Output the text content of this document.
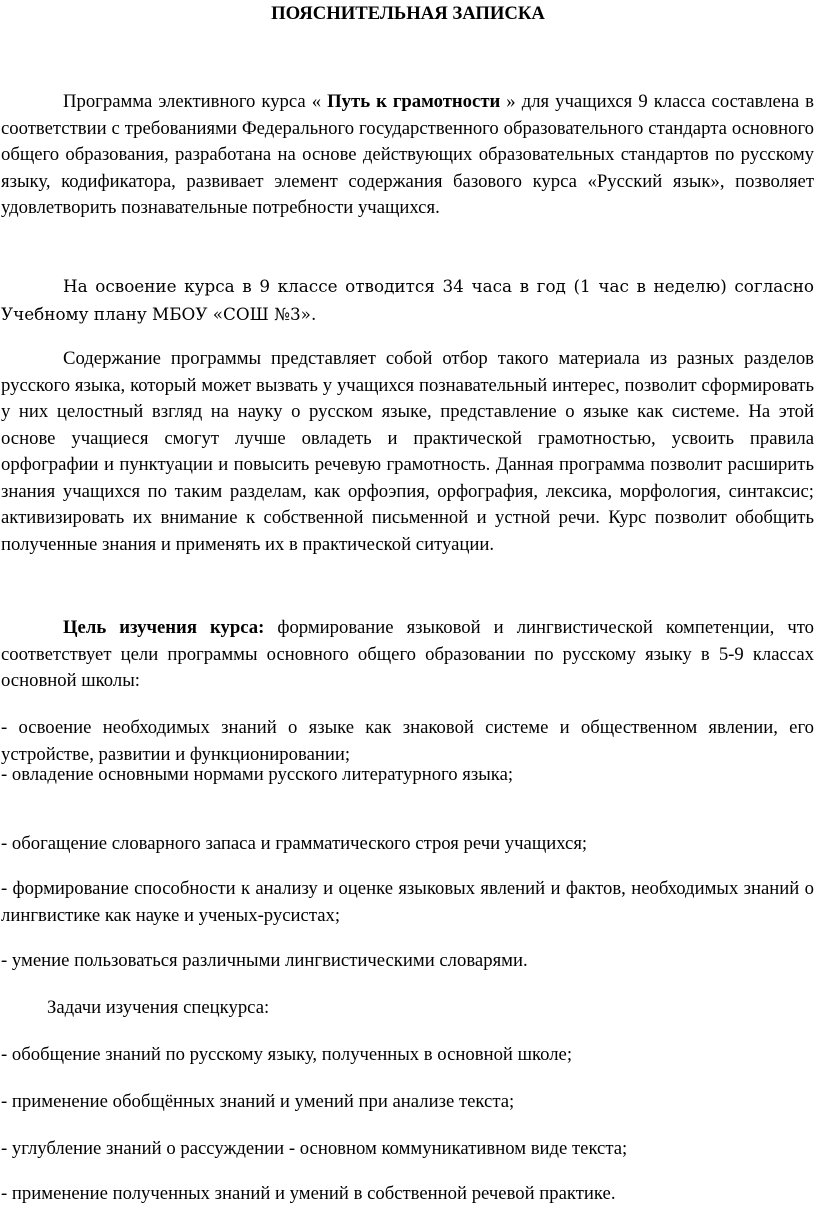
ПОЯСНИТЕЛЬНАЯ ЗАПИСКА

Программа элективного курса « Путь к грамотности » для учащихся 9 класса составлена в соответствии с требованиями Федерального государственного образовательного стандарта основного общего образования, разработана на основе действующих образовательных стандартов по русскому языку, кодификатора, развивает элемент содержания базового курса «Русский язык», позволяет удовлетворить познавательные потребности учащихся.

На освоение курса в 9 классе отводится 34 часа в год (1 час в неделю) согласно Учебному плану МБОУ «СОШ №3».

Содержание программы представляет собой отбор такого материала из разных разделов русского языка, который может вызвать у учащихся познавательный интерес, позволит сформировать у них целостный взгляд на науку о русском языке, представление о языке как системе. На этой основе учащиеся смогут лучше овладеть и практической грамотностью, усвоить правила орфографии и пунктуации и повысить речевую грамотность. Данная программа позволит расширить знания учащихся по таким разделам, как орфоэпия, орфография, лексика, морфология, синтаксис; активизировать их внимание к собственной письменной и устной речи. Курс позволит обобщить полученные знания и применять их в практической ситуации.

Цель изучения курса: формирование языковой и лингвистической компетенции, что соответствует цели программы основного общего образовании по русскому языку в 5-9 классах основной школы:

- освоение необходимых знаний о языке как знаковой системе и общественном явлении, его устройстве, развитии и функционировании;

- овладение основными нормами русского литературного языка;
- обогащение словарного запаса и грамматического строя речи учащихся;

- формирование способности к анализу и оценке языковых явлений и фактов, необходимых знаний о лингвистике как науке и ученых-русистах;

- умение пользоваться различными лингвистическими словарями.
Задачи изучения спецкурса:
- обобщение знаний по русскому языку, полученных в основной школе;
- применение обобщённых знаний и умений при анализе текста;
- углубление знаний о рассуждении - основном коммуникативном виде текста;
- применение полученных знаний и умений в собственной речевой практике.
